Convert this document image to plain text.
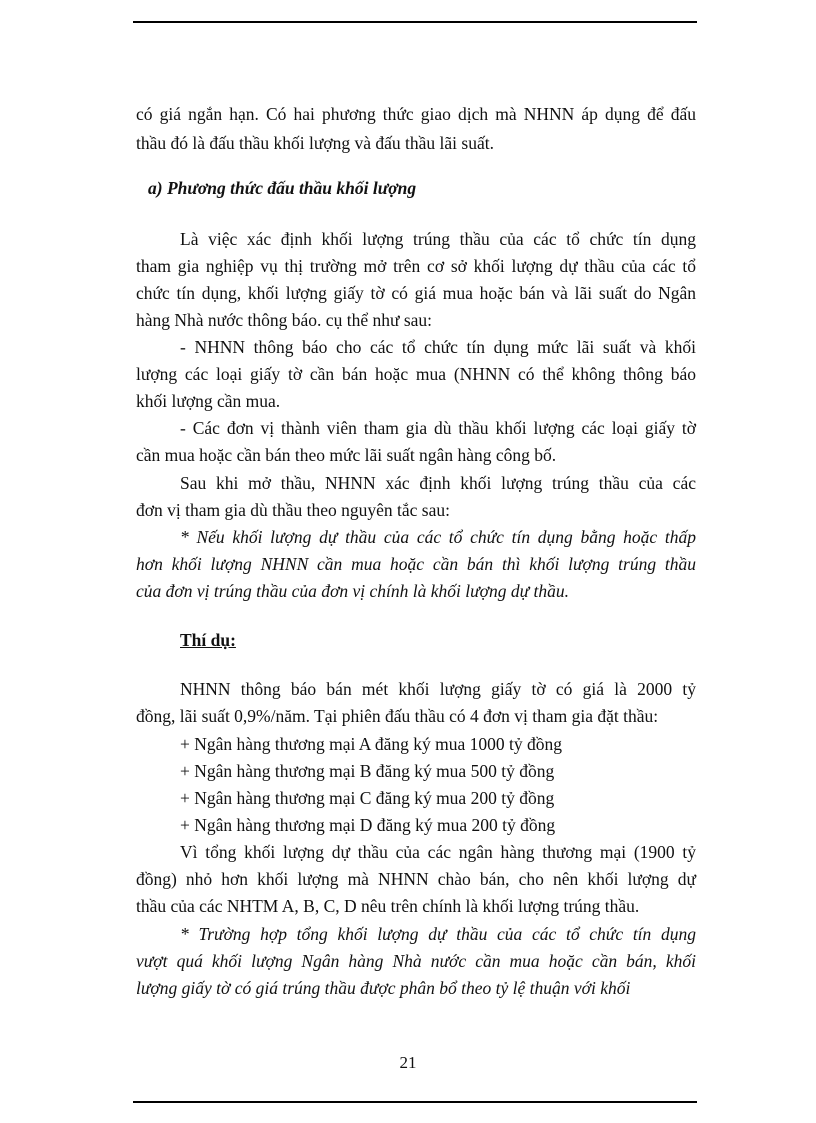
có giá ngắn hạn. Có hai phương thức giao dịch mà NHNN áp dụng để đấu
thầu đó là đấu thầu khối lượng và đấu thầu lãi suất.
a) Phương thức đấu thầu khối lượng
Là việc xác định khối lượng trúng thầu của các tổ chức tín dụng
tham gia nghiệp vụ thị trường mở trên cơ sở khối lượng dự thầu của các tổ
chức tín dụng, khối lượng giấy tờ có giá mua hoặc bán và lãi suất do Ngân
hàng Nhà nước thông báo. cụ thể như sau:
- NHNN thông báo cho các tổ chức tín dụng mức lãi suất và khối
lượng các loại giấy tờ cần bán hoặc mua (NHNN có thể không thông báo
khối lượng cần mua.
- Các đơn vị thành viên tham gia dù thầu khối lượng các loại giấy tờ
cần mua hoặc cần bán theo mức lãi suất ngân hàng công bố.
Sau khi mở thầu, NHNN xác định khối lượng trúng thầu của các
đơn vị tham gia dù thầu theo nguyên tắc sau:
* Nếu khối lượng dự thầu của các tổ chức tín dụng bằng hoặc thấp
hơn khối lượng NHNN cần mua hoặc cần bán thì khối lượng trúng thầu
của đơn vị trúng thầu của đơn vị chính là khối lượng dự thầu.
Thí dụ:
NHNN thông báo bán mét khối lượng giấy tờ có giá là 2000 tỷ
đồng, lãi suất 0,9%/năm. Tại phiên đấu thầu có 4 đơn vị tham gia đặt thầu:
+ Ngân hàng thương mại A đăng ký mua 1000 tỷ đồng
+ Ngân hàng thương mại B đăng ký mua 500 tỷ đồng
+ Ngân hàng thương mại C đăng ký mua 200 tỷ đồng
+ Ngân hàng thương mại D đăng ký mua 200 tỷ đồng
Vì tổng khối lượng dự thầu của các ngân hàng thương mại (1900 tỷ
đồng) nhỏ hơn khối lượng mà NHNN chào bán, cho nên khối lượng dự
thầu của các NHTM A, B, C, D nêu trên chính là khối lượng trúng thầu.
* Trường hợp tổng khối lượng dự thầu của các tổ chức tín dụng
vượt quá khối lượng Ngân hàng Nhà nước cần mua hoặc cần bán, khối
lượng giấy tờ có giá trúng thầu được phân bổ theo tỷ lệ thuận với khối
21
